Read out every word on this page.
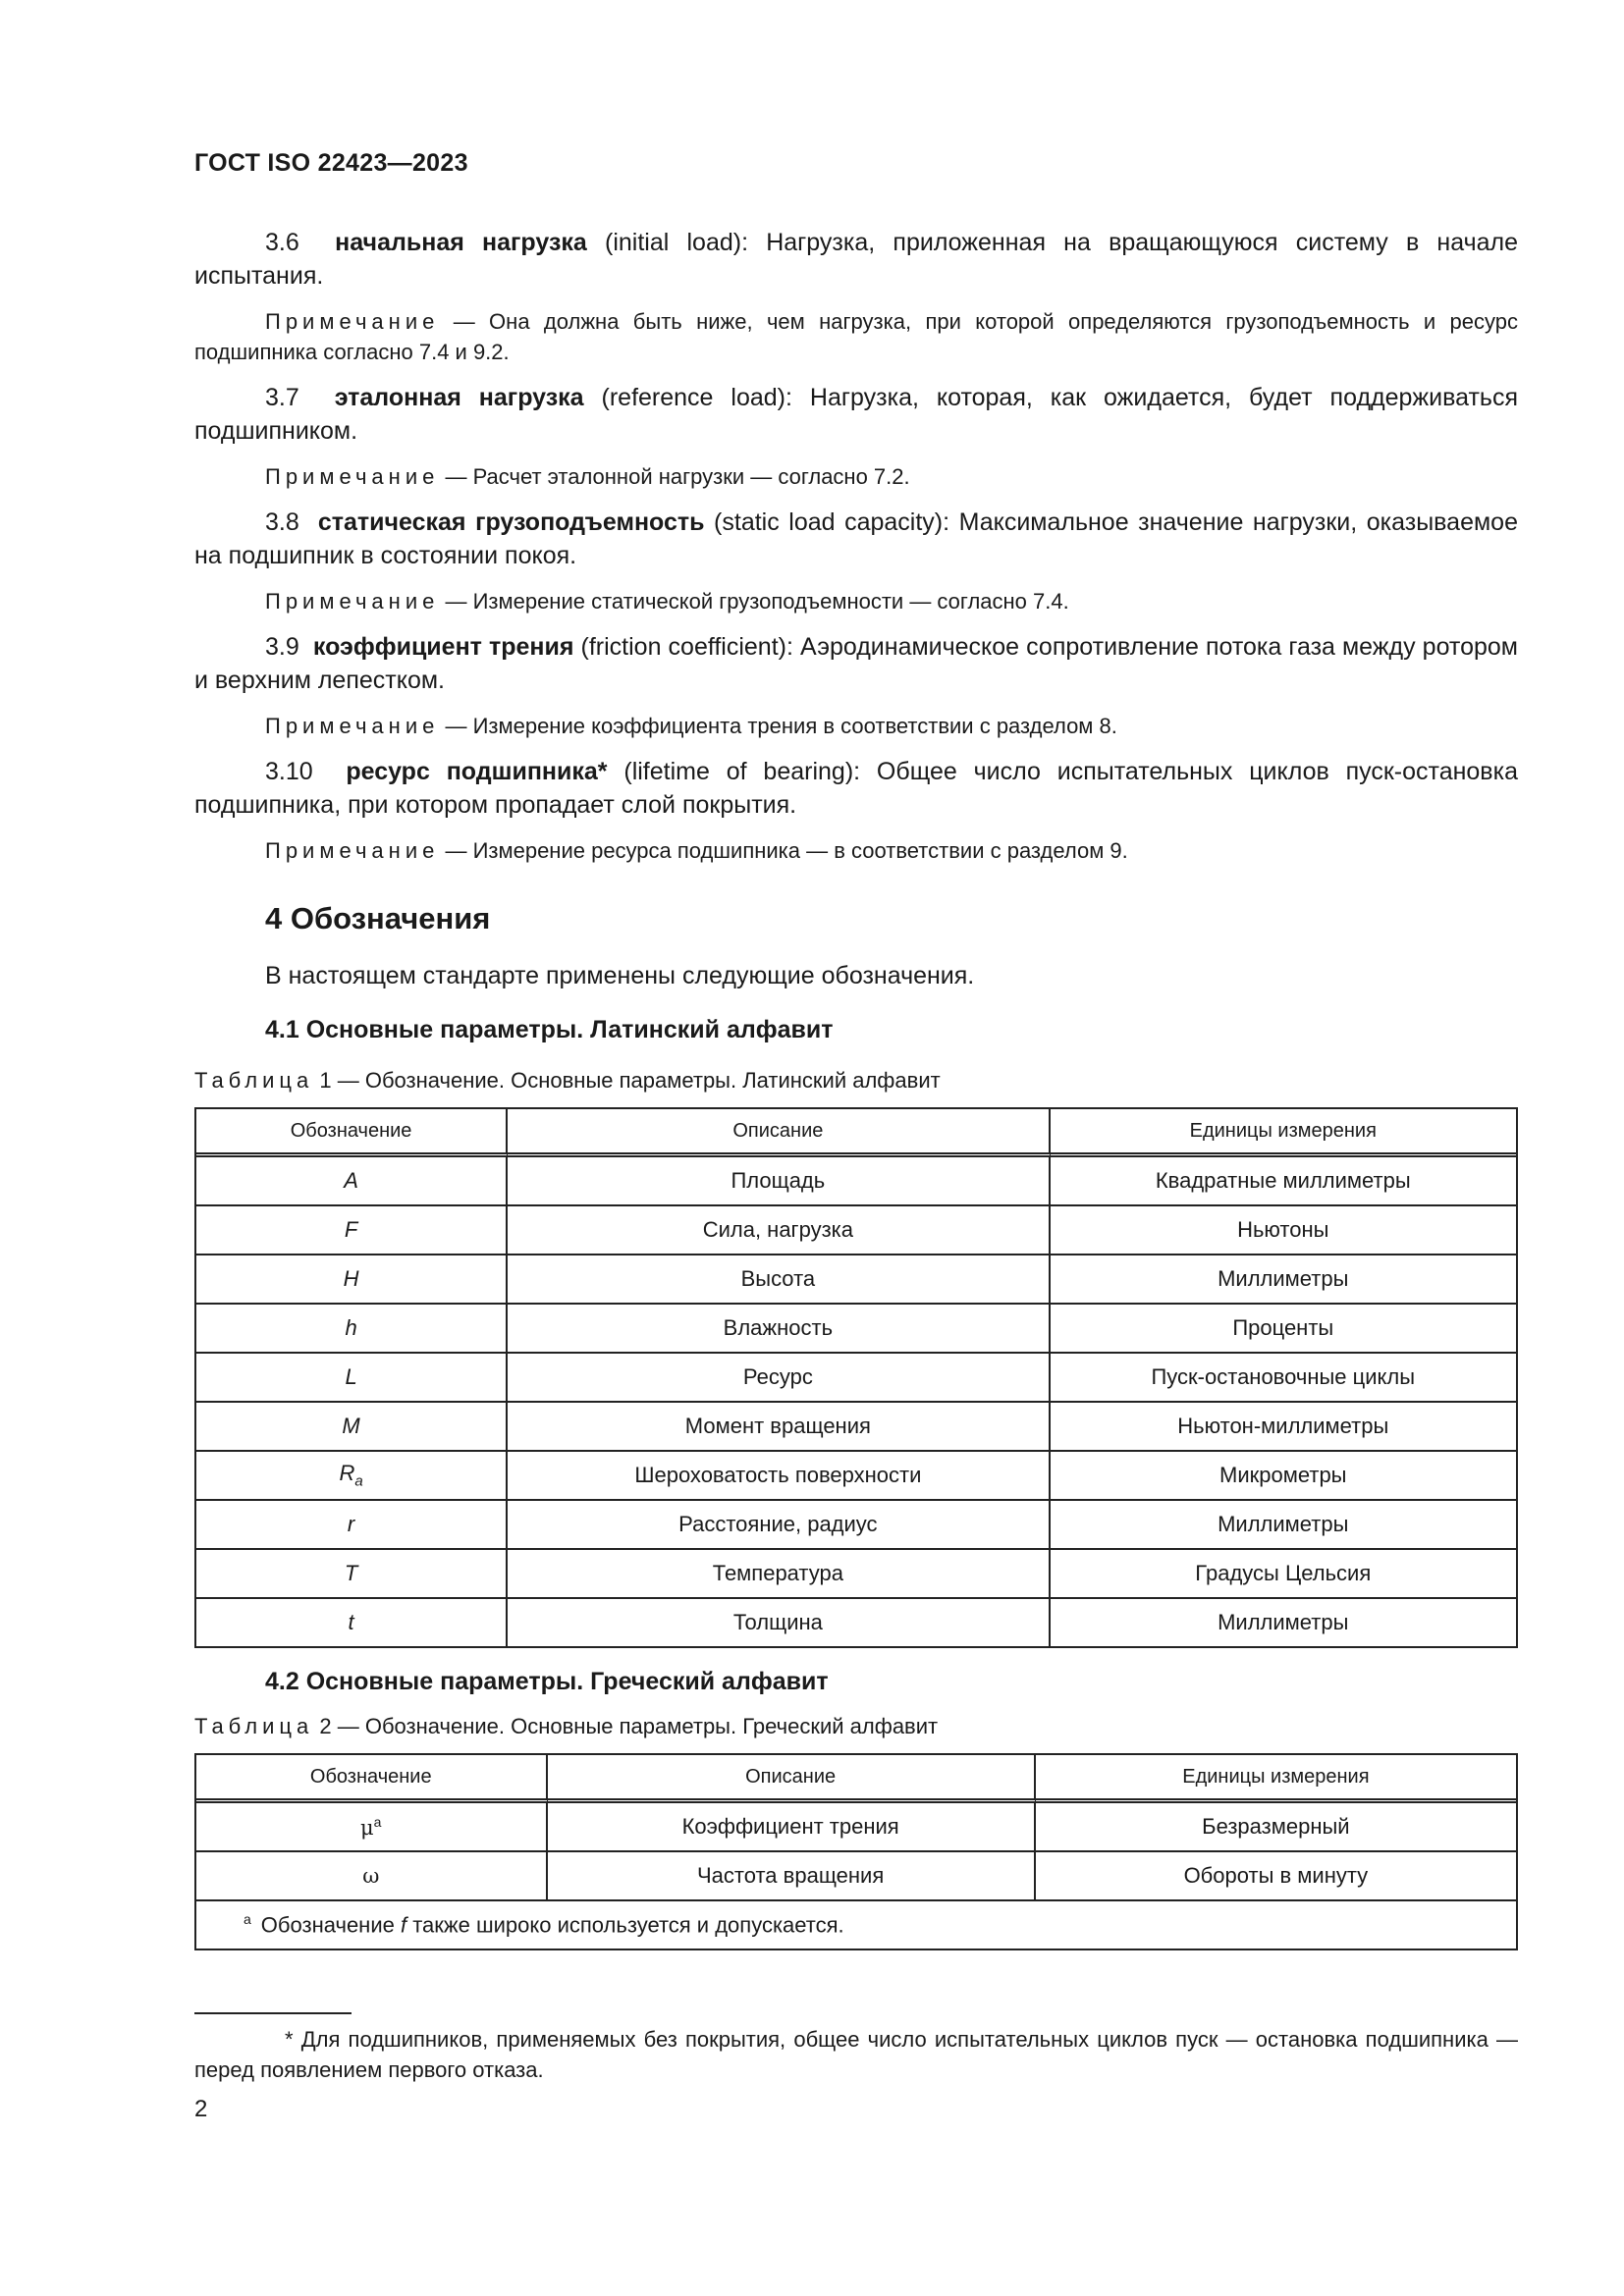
ГОСТ ISO 22423—2023

3.6 начальная нагрузка (initial load): Нагрузка, приложенная на вращающуюся систему в начале испытания.

Примечание — Она должна быть ниже, чем нагрузка, при которой определяются грузоподъемность и ресурс подшипника согласно 7.4 и 9.2.

3.7 эталонная нагрузка (reference load): Нагрузка, которая, как ожидается, будет поддерживаться подшипником.

Примечание — Расчет эталонной нагрузки — согласно 7.2.

3.8 статическая грузоподъемность (static load capacity): Максимальное значение нагрузки, оказываемое на подшипник в состоянии покоя.

Примечание — Измерение статической грузоподъемности — согласно 7.4.

3.9 коэффициент трения (friction coefficient): Аэродинамическое сопротивление потока газа между ротором и верхним лепестком.

Примечание — Измерение коэффициента трения в соответствии с разделом 8.

3.10 ресурс подшипника* (lifetime of bearing): Общее число испытательных циклов пуск-остановка подшипника, при котором пропадает слой покрытия.

Примечание — Измерение ресурса подшипника — в соответствии с разделом 9.

4 Обозначения

В настоящем стандарте применены следующие обозначения.

4.1 Основные параметры. Латинский алфавит

Таблица 1 — Обозначение. Основные параметры. Латинский алфавит

Обозначение	Описание	Единицы измерения
A	Площадь	Квадратные миллиметры
F	Сила, нагрузка	Ньютоны
H	Высота	Миллиметры
h	Влажность	Проценты
L	Ресурс	Пуск-остановочные циклы
M	Момент вращения	Ньютон-миллиметры
$R_a$	Шероховатость поверхности	Микрометры
r	Расстояние, радиус	Миллиметры
T	Температура	Градусы Цельсия
t	Толщина	Миллиметры
4.2 Основные параметры. Греческий алфавит

Таблица 2 — Обозначение. Основные параметры. Греческий алфавит

Обозначение	Описание	Единицы измерения
$\mu^a$	Коэффициент трения	Безразмерный
ω	Частота вращения	Обороты в минуту
$^a$ Обозначение f также широко используется и допускается.		

* Для подшипников, применяемых без покрытия, общее число испытательных циклов пуск — остановка подшипника — перед появлением первого отказа.

2
